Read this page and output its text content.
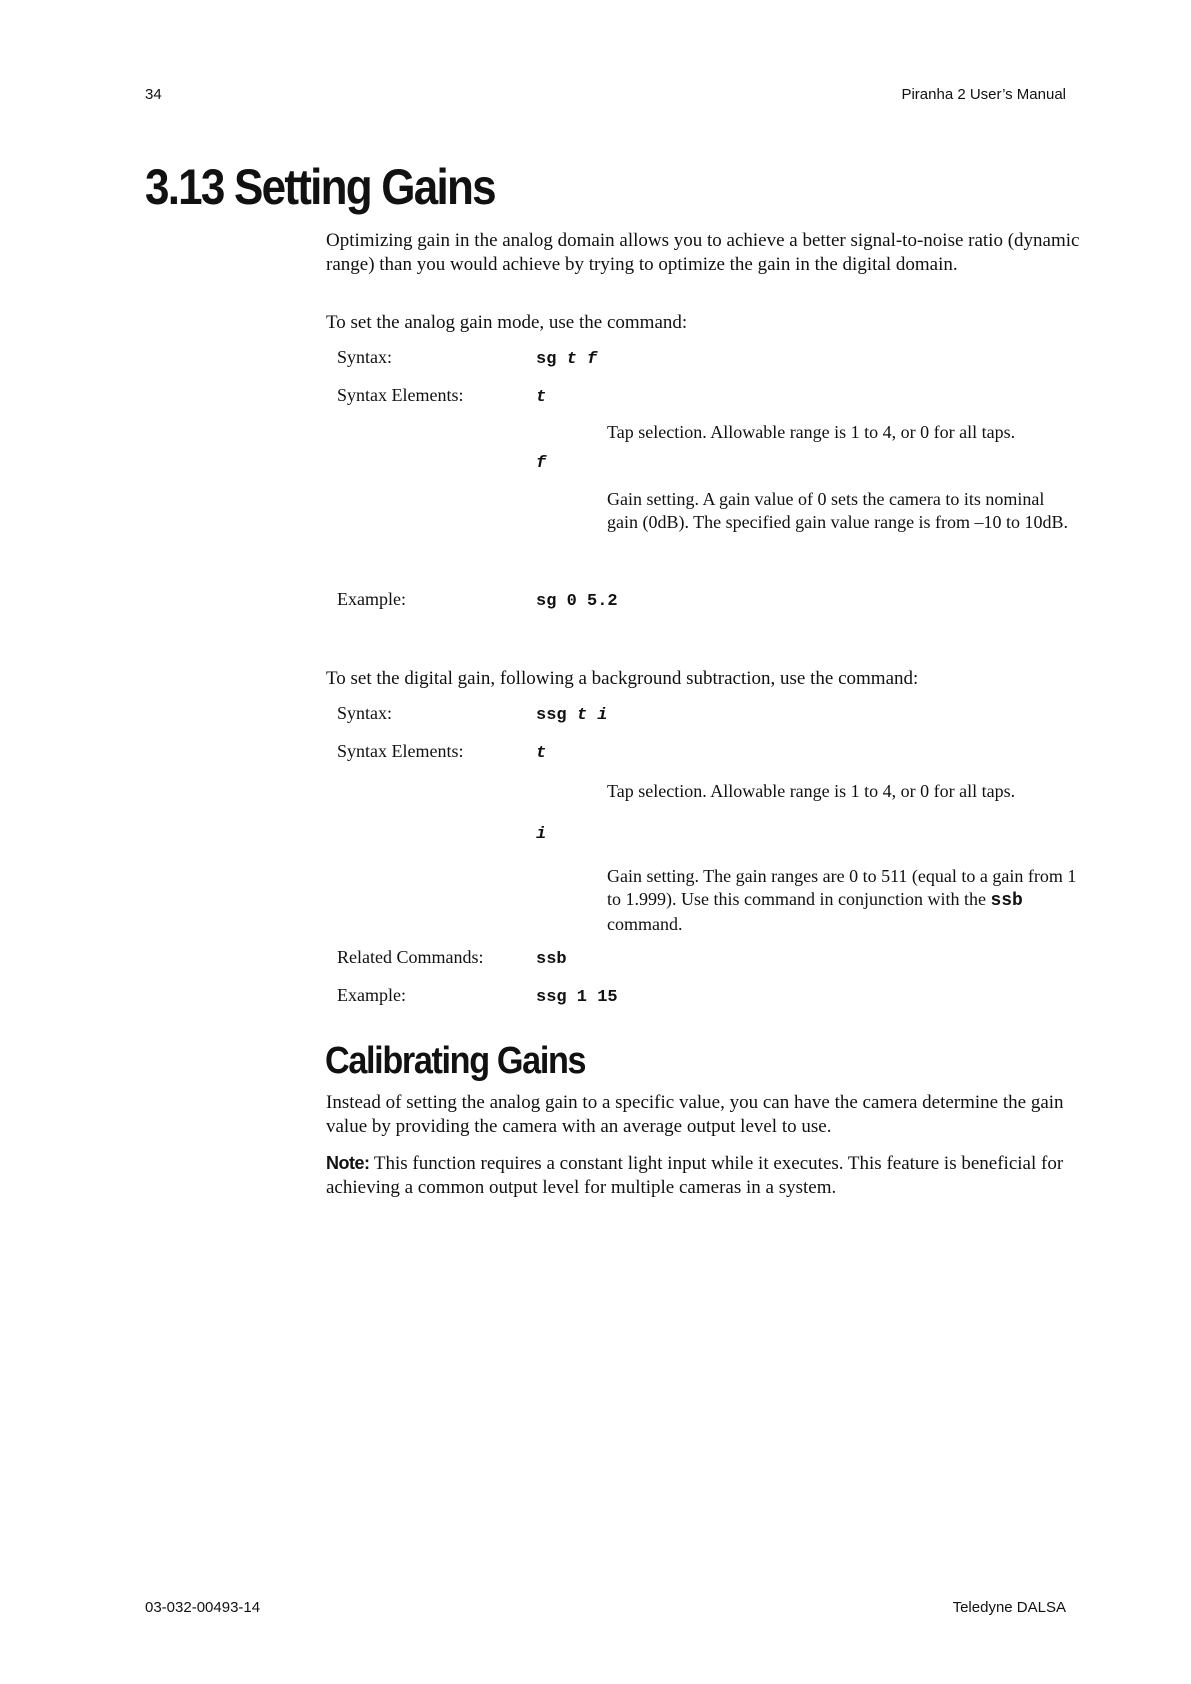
34	Piranha 2 User’s Manual
3.13 Setting Gains

Optimizing gain in the analog domain allows you to achieve a better signal-to-noise ratio (dynamic range) than you would achieve by trying to optimize the gain in the digital domain.

To set the analog gain mode, use the command:

Syntax:	sg t f
Syntax Elements:	t

Tap selection. Allowable range is 1 to 4, or 0 for all taps.

f

Gain setting. A gain value of 0 sets the camera to its nominal gain (0dB). The specified gain value range is from –10 to 10dB.

Example:	sg 0 5.2

To set the digital gain, following a background subtraction, use the command:

Syntax:	ssg t i
Syntax Elements:	t

Tap selection. Allowable range is 1 to 4, or 0 for all taps.

i

Gain setting. The gain ranges are 0 to 511 (equal to a gain from 1 to 1.999). Use this command in conjunction with the ssb command.

Related Commands:	ssb
Example:	ssg 1 15
Calibrating Gains

Instead of setting the analog gain to a specific value, you can have the camera determine the gain value by providing the camera with an average output level to use.

Note: This function requires a constant light input while it executes. This feature is beneficial for achieving a common output level for multiple cameras in a system.

03-032-00493-14	Teledyne DALSA
